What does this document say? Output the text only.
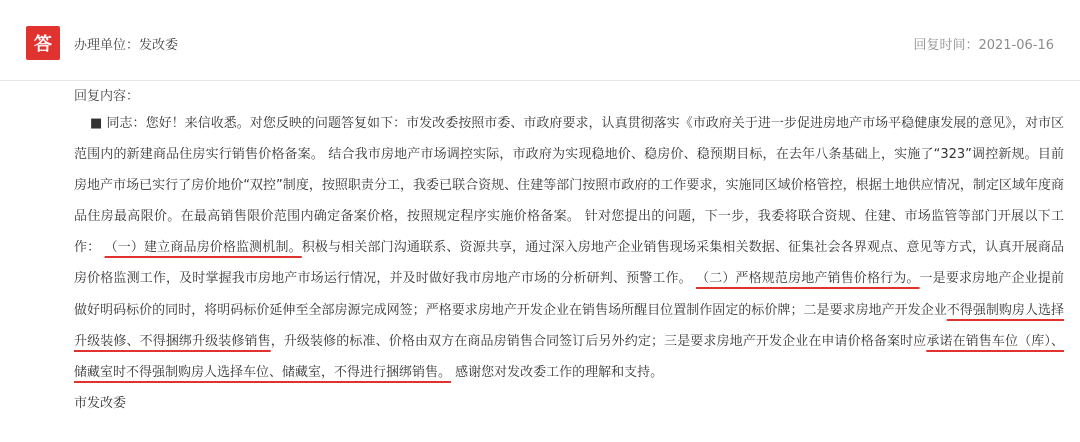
答	办理单位：发改委	回复时间：2021-06-16
回复内容：
■ 同志：您好！来信收悉。对您反映的问题答复如下：市发改委按照市委、市政府要求，认真贯彻落实《市政府关于进一步促进房地产市场平稳健康发展的意见》，对市区范围内的新建商品住房实行销售价格备案。 结合我市房地产市场调控实际，市政府为实现稳地价、稳房价、稳预期目标，在去年八条基础上，实施了“323”调控新规。目前房地产市场已实行了房价地价“双控”制度，按照职责分工，我委已联合资规、住建等部门按照市政府的工作要求，实施同区域价格管控，根据土地供应情况，制定区域年度商品住房最高限价。在最高销售限价范围内确定备案价格，按照规定程序实施价格备案。 针对您提出的问题，下一步，我委将联合资规、住建、市场监管等部门开展以下工作： （一）建立商品房价格监测机制。积极与相关部门沟通联系、资源共享，通过深入房地产企业销售现场采集相关数据、征集社会各界观点、意见等方式，认真开展商品房价格监测工作，及时掌握我市房地产市场运行情况，并及时做好我市房地产市场的分析研判、预警工作。 （二）严格规范房地产销售价格行为。一是要求房地产企业提前做好明码标价的同时，将明码标价延伸至全部房源完成网签；严格要求房地产开发企业在销售场所醒目位置制作固定的标价牌；二是要求房地产开发企业不得强制购房人选择升级装修、不得捆绑升级装修销售，升级装修的标准、价格由双方在商品房销售合同签订后另外约定；三是要求房地产开发企业在申请价格备案时应承诺在销售车位（库）、储藏室时不得强制购房人选择车位、储藏室，不得进行捆绑销售。 感谢您对发改委工作的理解和支持。
市发改委
